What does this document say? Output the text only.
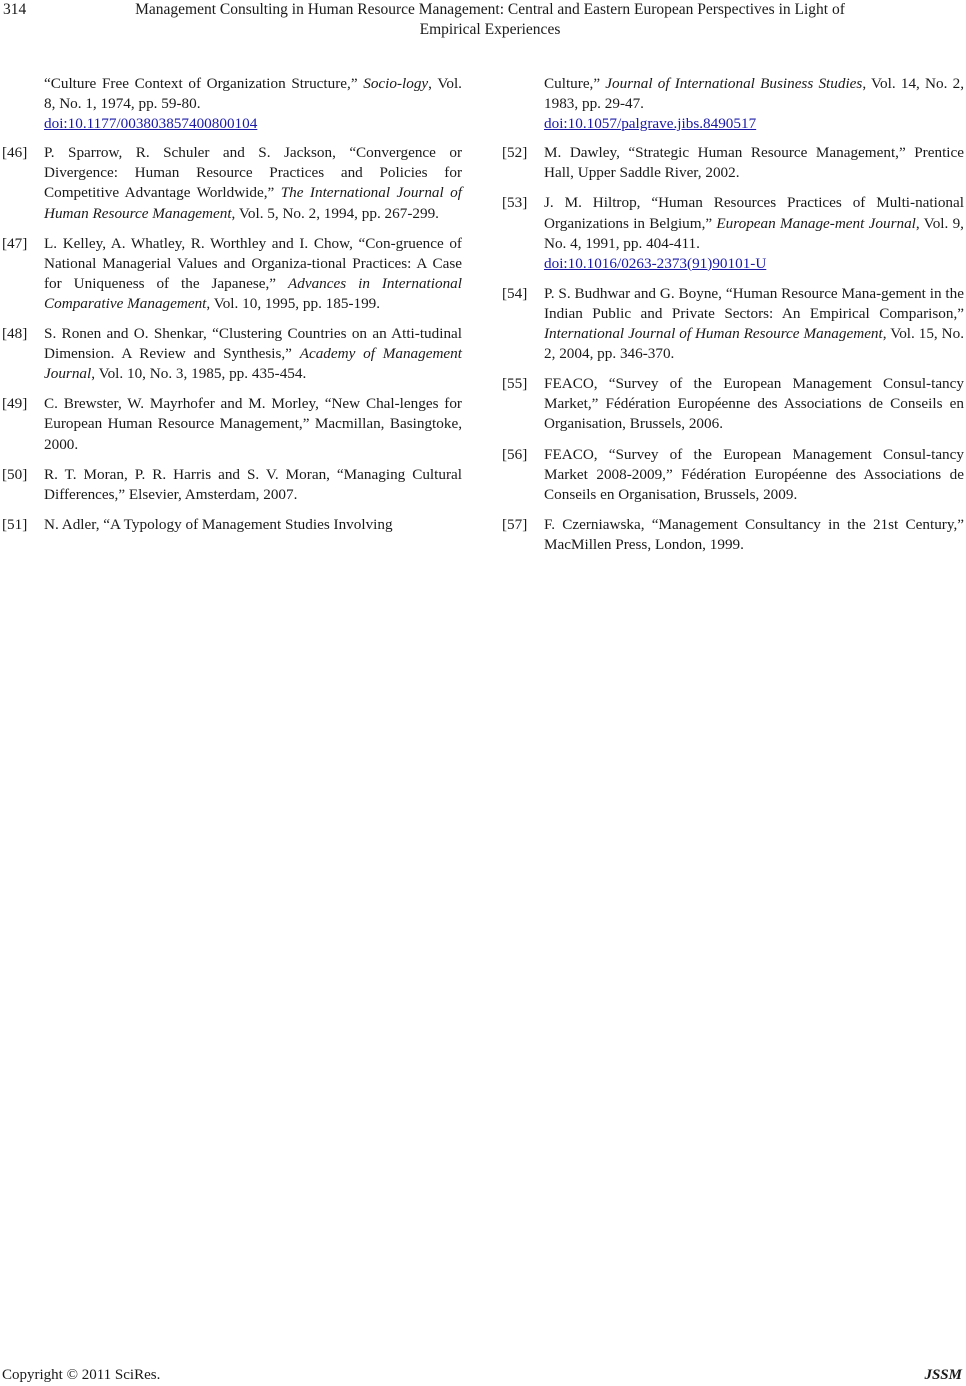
314	Management Consulting in Human Resource Management: Central and Eastern European Perspectives in Light of
Empirical Experiences
“Culture Free Context of Organization Structure,” Socio-logy, Vol. 8, No. 1, 1974, pp. 59-80.
doi:10.1177/003803857400800104
[46] P. Sparrow, R. Schuler and S. Jackson, “Convergence or Divergence: Human Resource Practices and Policies for Competitive Advantage Worldwide,” The International Journal of Human Resource Management, Vol. 5, No. 2, 1994, pp. 267-299.
[47] L. Kelley, A. Whatley, R. Worthley and I. Chow, “Con-gruence of National Managerial Values and Organiza-tional Practices: A Case for Uniqueness of the Japanese,” Advances in International Comparative Management, Vol. 10, 1995, pp. 185-199.
[48] S. Ronen and O. Shenkar, “Clustering Countries on an Atti-tudinal Dimension. A Review and Synthesis,” Academy of Management Journal, Vol. 10, No. 3, 1985, pp. 435-454.
[49] C. Brewster, W. Mayrhofer and M. Morley, “New Chal-lenges for European Human Resource Management,” Macmillan, Basingtoke, 2000.
[50] R. T. Moran, P. R. Harris and S. V. Moran, “Managing Cultural Differences,” Elsevier, Amsterdam, 2007.
[51] N. Adler, “A Typology of Management Studies Involving
Culture,” Journal of International Business Studies, Vol. 14, No. 2, 1983, pp. 29-47.
doi:10.1057/palgrave.jibs.8490517
[52] M. Dawley, “Strategic Human Resource Management,” Prentice Hall, Upper Saddle River, 2002.
[53] J. M. Hiltrop, “Human Resources Practices of Multi-national Organizations in Belgium,” European Manage-ment Journal, Vol. 9, No. 4, 1991, pp. 404-411.
doi:10.1016/0263-2373(91)90101-U
[54] P. S. Budhwar and G. Boyne, “Human Resource Mana-gement in the Indian Public and Private Sectors: An Empirical Comparison,” International Journal of Human Resource Management, Vol. 15, No. 2, 2004, pp. 346-370.
[55] FEACO, “Survey of the European Management Consul-tancy Market,” Fédération Européenne des Associations de Conseils en Organisation, Brussels, 2006.
[56] FEACO, “Survey of the European Management Consul-tancy Market 2008-2009,” Fédération Européenne des Associations de Conseils en Organisation, Brussels, 2009.
[57] F. Czerniawska, “Management Consultancy in the 21st Century,” MacMillen Press, London, 1999.
Copyright © 2011 SciRes.	JSSM
